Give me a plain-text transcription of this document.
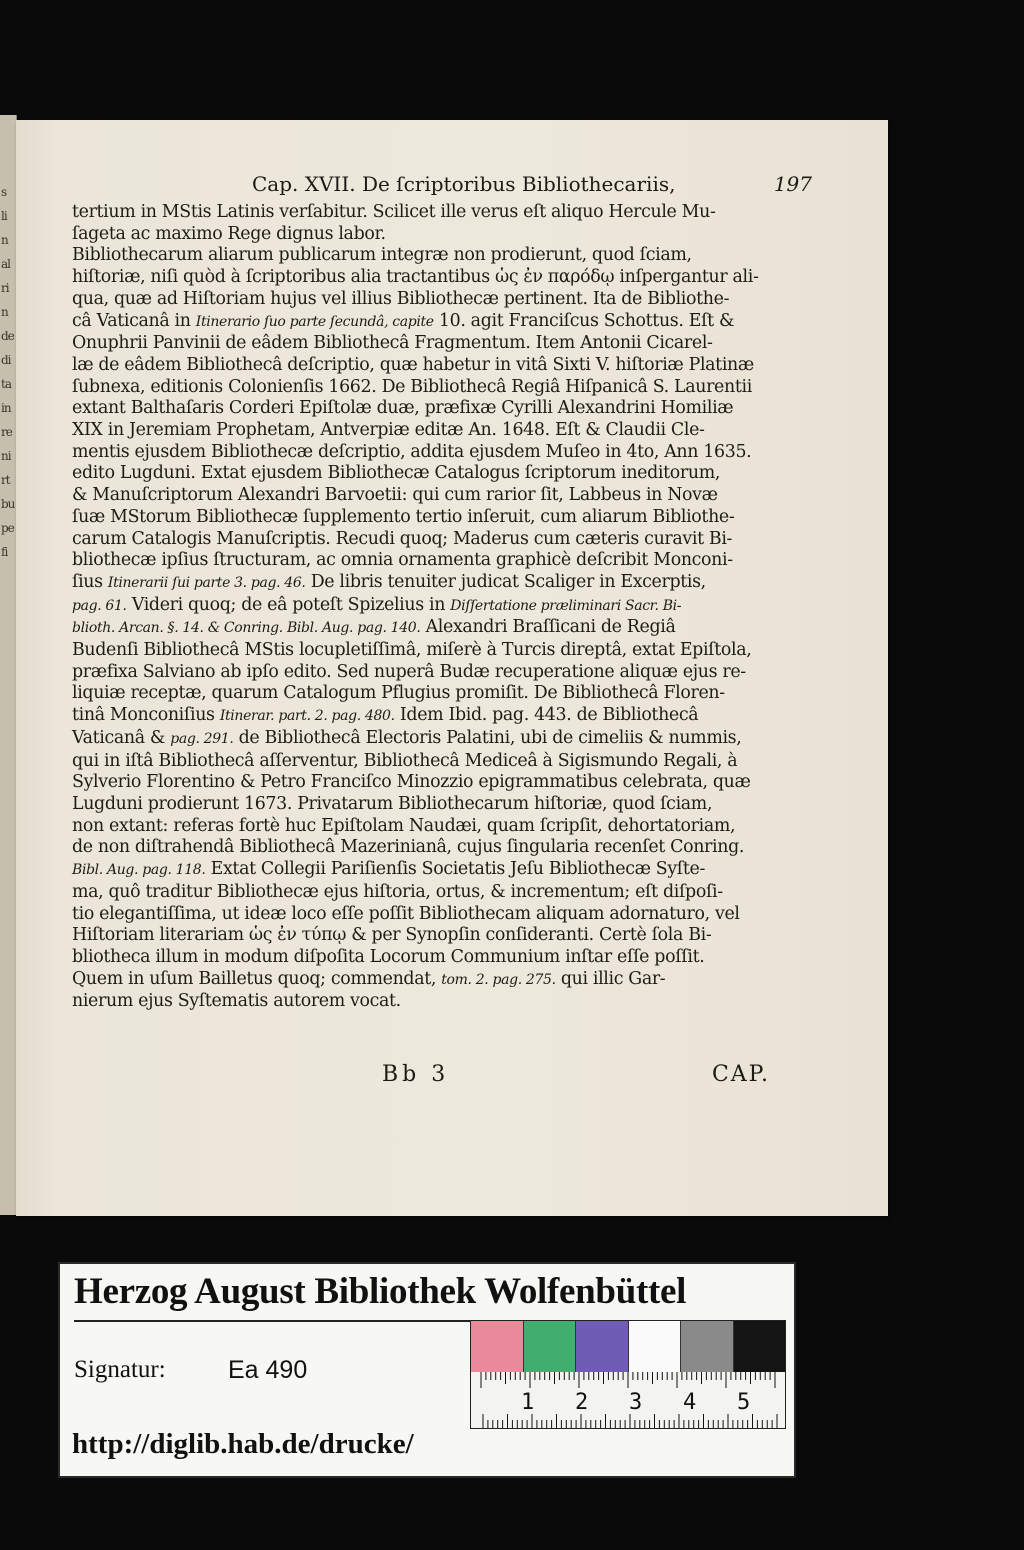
s
li
n
al
ri
n
de
di
ta
in
re
ni
rt
bu
pe
fi
Cap. XVII. De ſcriptoribus Bibliothecariis,	197
tertium in MStis Latinis verſabitur. Scilicet ille verus eſt aliquo Hercule Mu-
ſageta ac maximo Rege dignus labor.
Bibliothecarum aliarum publicarum integræ non prodierunt, quod ſciam,
hiſtoriæ, niſi quòd à ſcriptoribus alia tractantibus ὡς ἐν παρόδῳ inſpergantur ali-
qua, quæ ad Hiſtoriam hujus vel illius Bibliothecæ pertinent. Ita de Bibliothe-
câ Vaticanâ in Itinerario ſuo parte ſecundâ, capite 10. agit Franciſcus Schottus. Eſt &
Onuphrii Panvinii de eâdem Bibliothecâ Fragmentum. Item Antonii Cicarel-
læ de eâdem Bibliothecâ deſcriptio, quæ habetur in vitâ Sixti V. hiſtoriæ Platinæ
ſubnexa, editionis Colonienſis 1662. De Bibliothecâ Regiâ Hiſpanicâ S. Laurentii
extant Balthaſaris Corderi Epiſtolæ duæ, præfixæ Cyrilli Alexandrini Homiliæ
XIX in Jeremiam Prophetam, Antverpiæ editæ An. 1648. Eſt & Claudii Cle-
mentis ejusdem Bibliothecæ deſcriptio, addita ejusdem Muſeo in 4to, Ann 1635.
edito Lugduni. Extat ejusdem Bibliothecæ Catalogus ſcriptorum ineditorum,
& Manuſcriptorum Alexandri Barvoetii: qui cum rarior ſit, Labbeus in Novæ
ſuæ MStorum Bibliothecæ ſupplemento tertio inſeruit, cum aliarum Bibliothe-
carum Catalogis Manuſcriptis. Recudi quoq; Maderus cum cæteris curavit Bi-
bliothecæ ipſius ſtructuram, ac omnia ornamenta graphicè deſcribit Monconi-
ſius Itinerarii ſui parte 3. pag. 46. De libris tenuiter judicat Scaliger in Excerptis,
pag. 61. Videri quoq; de eâ poteſt Spizelius in Diſſertatione præliminari Sacr. Bi-
blioth. Arcan. §. 14. & Conring. Bibl. Aug. pag. 140. Alexandri Braſſicani de Regiâ
Budenſi Bibliothecâ MStis locupletiſſimâ, miſerè à Turcis direptâ, extat Epiſtola,
præfixa Salviano ab ipſo edito. Sed nuperâ Budæ recuperatione aliquæ ejus re-
liquiæ receptæ, quarum Catalogum Pflugius promiſit. De Bibliothecâ Floren-
tinâ Monconiſius Itinerar. part. 2. pag. 480. Idem Ibid. pag. 443. de Bibliothecâ
Vaticanâ & pag. 291. de Bibliothecâ Electoris Palatini, ubi de cimeliis & nummis,
qui in iſtâ Bibliothecâ aſſerventur, Bibliothecâ Mediceâ à Sigismundo Regali, à
Sylverio Florentino & Petro Franciſco Minozzio epigrammatibus celebrata, quæ
Lugduni prodierunt 1673. Privatarum Bibliothecarum hiſtoriæ, quod ſciam,
non extant: referas fortè huc Epiſtolam Naudæi, quam ſcripſit, dehortatoriam,
de non diſtrahendâ Bibliothecâ Mazerinianâ, cujus ſingularia recenſet Conring.
Bibl. Aug. pag. 118. Extat Collegii Pariſienſis Societatis Jeſu Bibliothecæ Syſte-
ma, quô traditur Bibliothecæ ejus hiſtoria, ortus, & incrementum; eſt diſpoſi-
tio elegantiſſima, ut ideæ loco eſſe poſſit Bibliothecam aliquam adornaturo, vel
Hiſtoriam literariam ὡς ἐν τύπῳ & per Synopſin conſideranti. Certè ſola Bi-
bliotheca illum in modum diſpoſita Locorum Communium inſtar eſſe poſſit.
Quem in uſum Bailletus quoq; commendat, tom. 2. pag. 275. qui illic Gar-
nierum ejus Syſtematis autorem vocat.
Bb 3	CAP.
Herzog August Bibliothek Wolfenbüttel
Signatur: Ea 490
http://diglib.hab.de/drucke/
1 2 3 4 5
